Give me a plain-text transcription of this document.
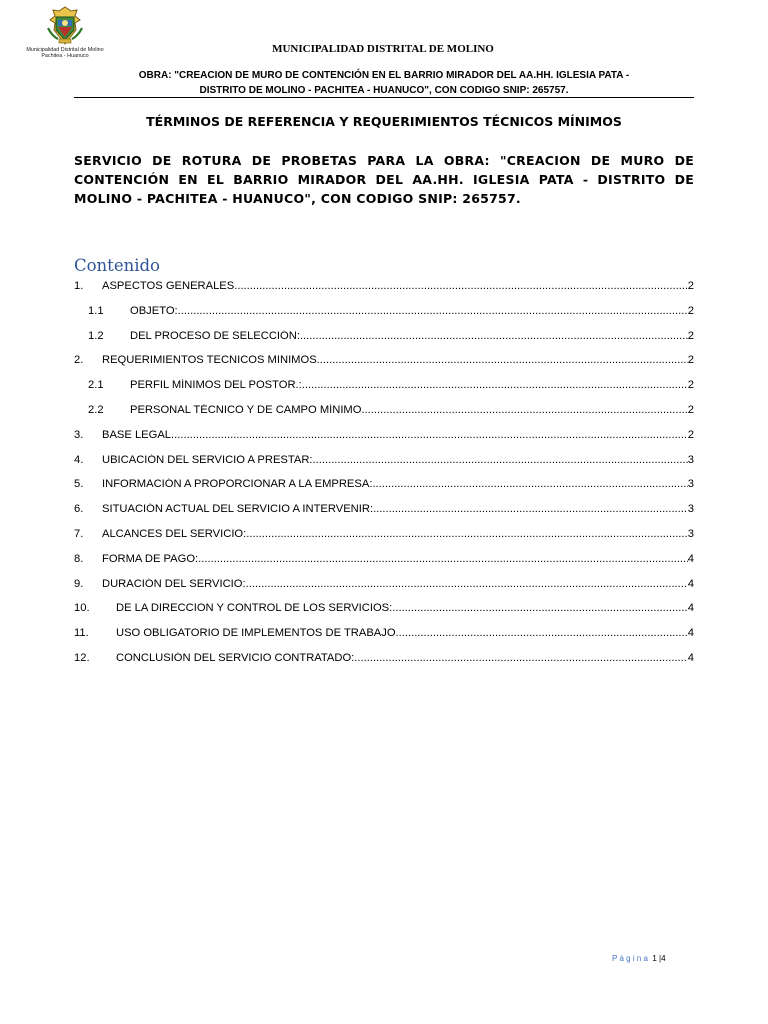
Municipalidad Distrital de Molino
Pachitea - Huanuco
MUNICIPALIDAD DISTRITAL DE MOLINO
OBRA: "CREACION DE MURO DE CONTENCIÓN EN EL BARRIO MIRADOR DEL AA.HH. IGLESIA PATA -
DISTRITO DE MOLINO - PACHITEA - HUANUCO", CON CODIGO SNIP: 265757.
TÉRMINOS DE REFERENCIA Y REQUERIMIENTOS TÉCNICOS MÍNIMOS
SERVICIO DE ROTURA DE PROBETAS PARA LA OBRA: "CREACION DE MURO DE CONTENCIÓN EN EL BARRIO MIRADOR DEL AA.HH. IGLESIA PATA - DISTRITO DE MOLINO - PACHITEA - HUANUCO", CON CODIGO SNIP: 265757.
Contenido
1.	ASPECTOS GENERALES .....	2
1.1	OBJETO: .....	2
1.2	DEL PROCESO DE SELECCIÓN: .....	2
2.	REQUERIMIENTOS TECNICOS MINIMOS .....	2
2.1	PERFIL MÍNIMOS DEL POSTOR.: .....	2
2.2	PERSONAL TÉCNICO Y DE CAMPO MÍNIMO .....	2
3.	BASE LEGAL .....	2
4.	UBICACIÓN DEL SERVICIO A PRESTAR: .....	3
5.	INFORMACIÓN A PROPORCIONAR A LA EMPRESA: .....	3
6.	SITUACIÓN ACTUAL DEL SERVICIO A INTERVENIR: .....	3
7.	ALCANCES DEL SERVICIO: .....	3
8.	FORMA DE PAGO: .....	4
9.	DURACIÓN DEL SERVICIO: .....	4
10.	DE LA DIRECCION Y CONTROL DE LOS SERVICIOS: .....	4
11.	USO OBLIGATORIO DE IMPLEMENTOS DE TRABAJO .....	4
12.	CONCLUSIÓN DEL SERVICIO CONTRATADO: .....	4
Página 1 |4
